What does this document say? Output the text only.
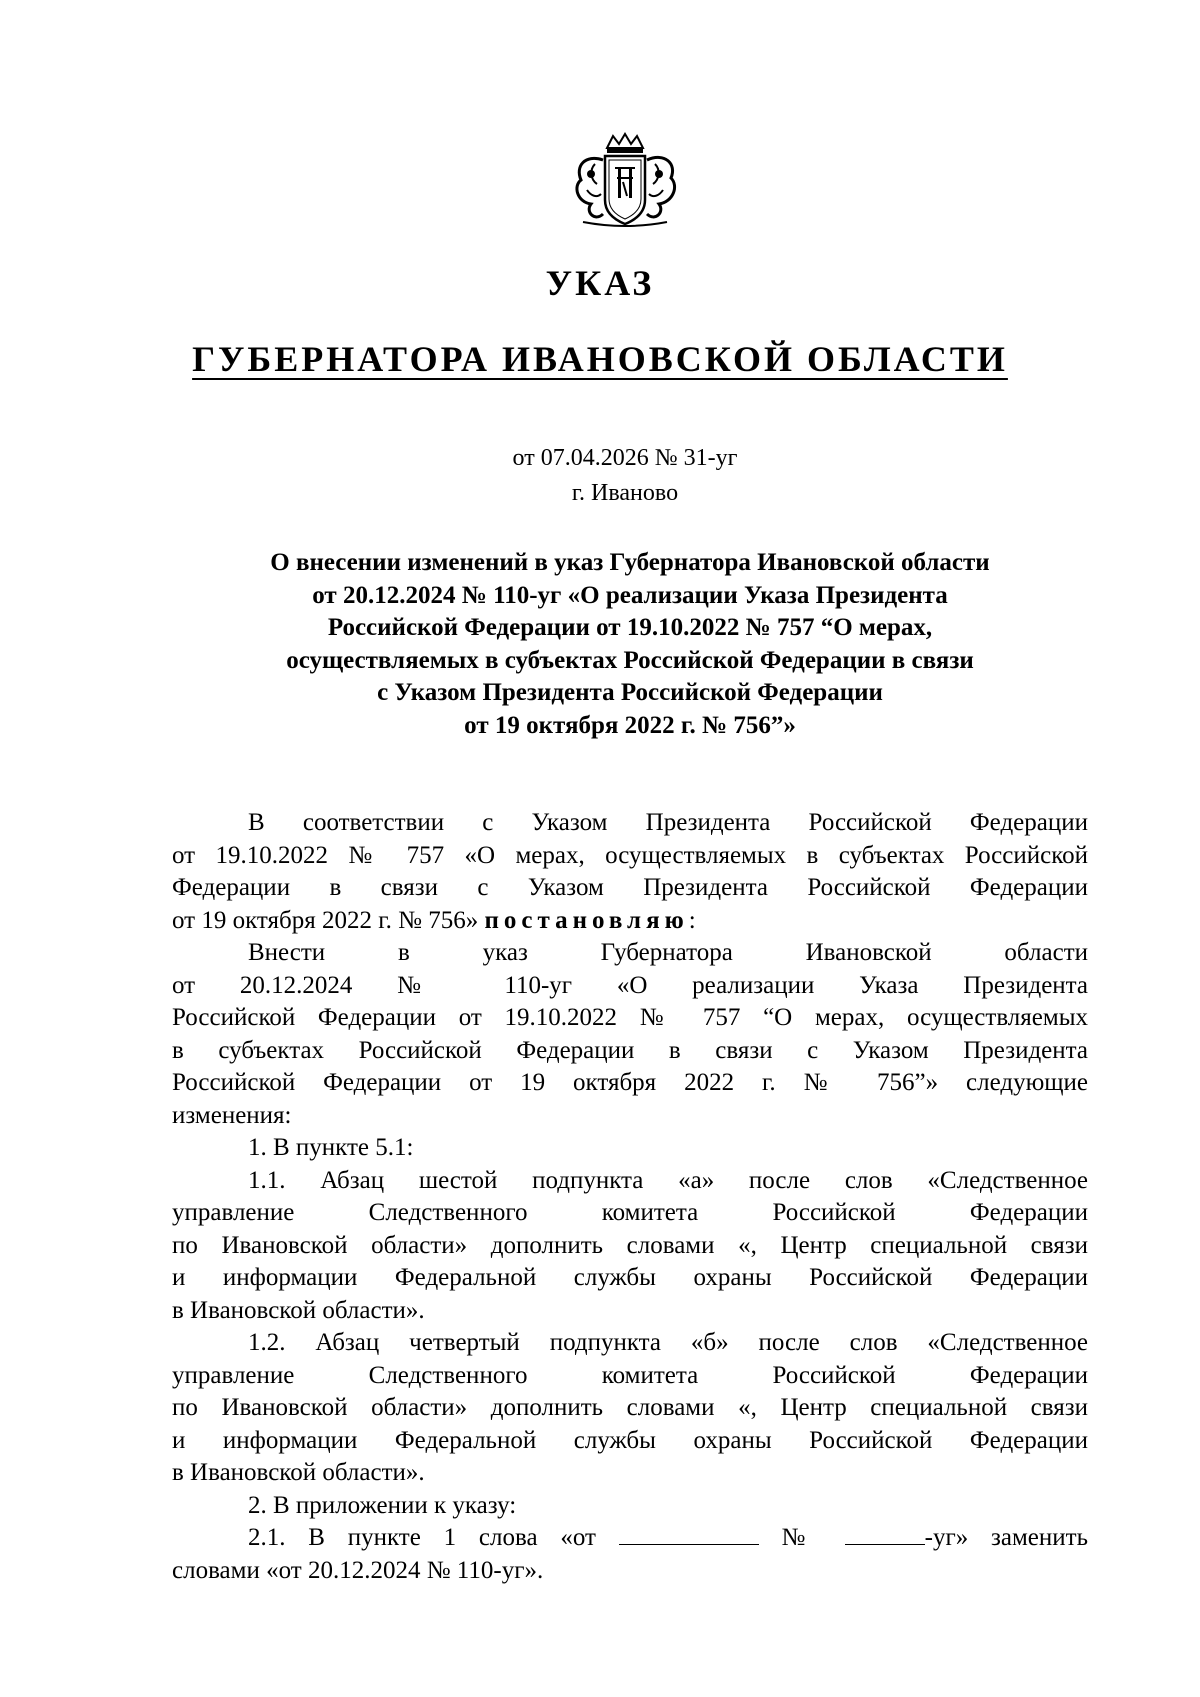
УКАЗ
ГУБЕРНАТОРА ИВАНОВСКОЙ ОБЛАСТИ
от 07.04.2026 № 31-уг
г. Иваново
О внесении изменений в указ Губернатора Ивановской области
от 20.12.2024 № 110-уг «О реализации Указа Президента
Российской Федерации от 19.10.2022 № 757 “О мерах,
осуществляемых в субъектах Российской Федерации в связи
с Указом Президента Российской Федерации
от 19 октября 2022 г. № 756”»
В соответствии с Указом Президента Российской Федерации
от 19.10.2022 № 757 «О мерах, осуществляемых в субъектах Российской
Федерации в связи с Указом Президента Российской Федерации
от 19 октября 2022 г. № 756» постановляю:
Внести в указ Губернатора Ивановской области
от 20.12.2024 № 110-уг «О реализации Указа Президента
Российской Федерации от 19.10.2022 № 757 “О мерах, осуществляемых
в субъектах Российской Федерации в связи с Указом Президента
Российской Федерации от 19 октября 2022 г. № 756”» следующие
изменения:
1. В пункте 5.1:
1.1. Абзац шестой подпункта «а» после слов «Следственное
управление Следственного комитета Российской Федерации
по Ивановской области» дополнить словами «, Центр специальной связи
и информации Федеральной службы охраны Российской Федерации
в Ивановской области».
1.2. Абзац четвертый подпункта «б» после слов «Следственное
управление Следственного комитета Российской Федерации
по Ивановской области» дополнить словами «, Центр специальной связи
и информации Федеральной службы охраны Российской Федерации
в Ивановской области».
2. В приложении к указу:
2.1. В пункте 1 слова «от	№	-уг» заменить
словами «от 20.12.2024 № 110-уг».
